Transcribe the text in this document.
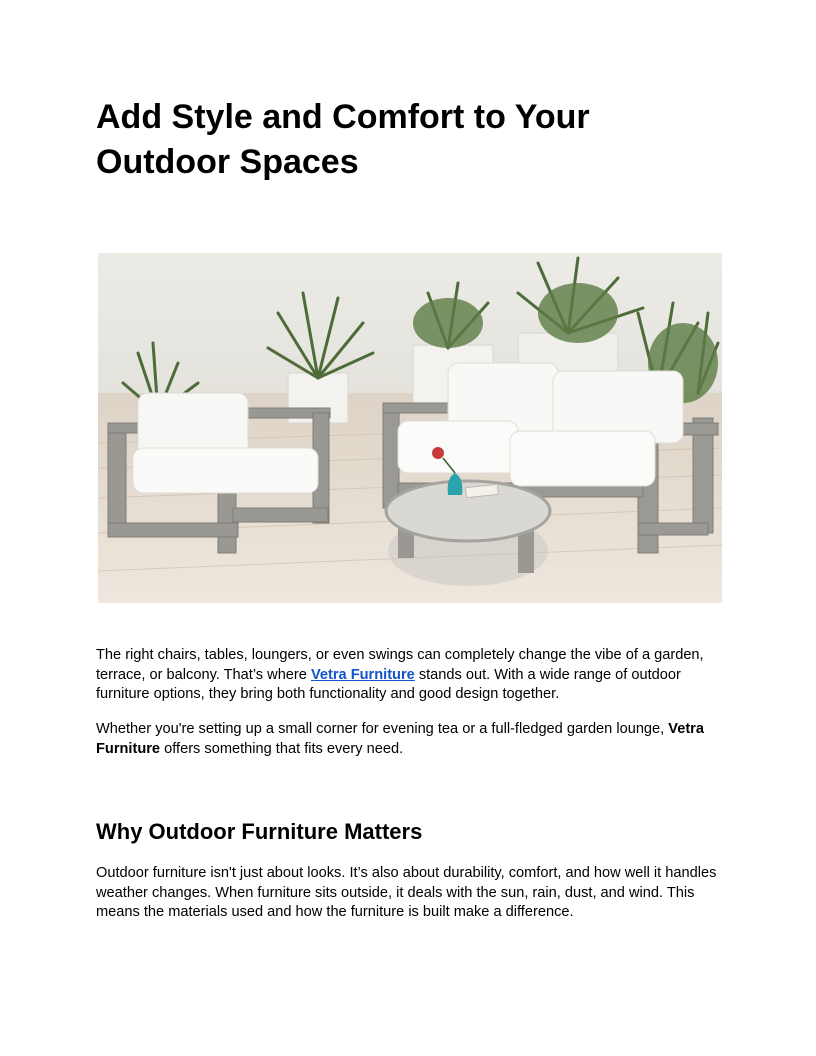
Add Style and Comfort to Your Outdoor Spaces

The right chairs, tables, loungers, or even swings can completely change the vibe of a garden, terrace, or balcony. That’s where Vetra Furniture stands out. With a wide range of outdoor furniture options, they bring both functionality and good design together.

Whether you're setting up a small corner for evening tea or a full-fledged garden lounge, Vetra Furniture offers something that fits every need.

Why Outdoor Furniture Matters

Outdoor furniture isn't just about looks. It’s also about durability, comfort, and how well it handles weather changes. When furniture sits outside, it deals with the sun, rain, dust, and wind. This means the materials used and how the furniture is built make a difference.
